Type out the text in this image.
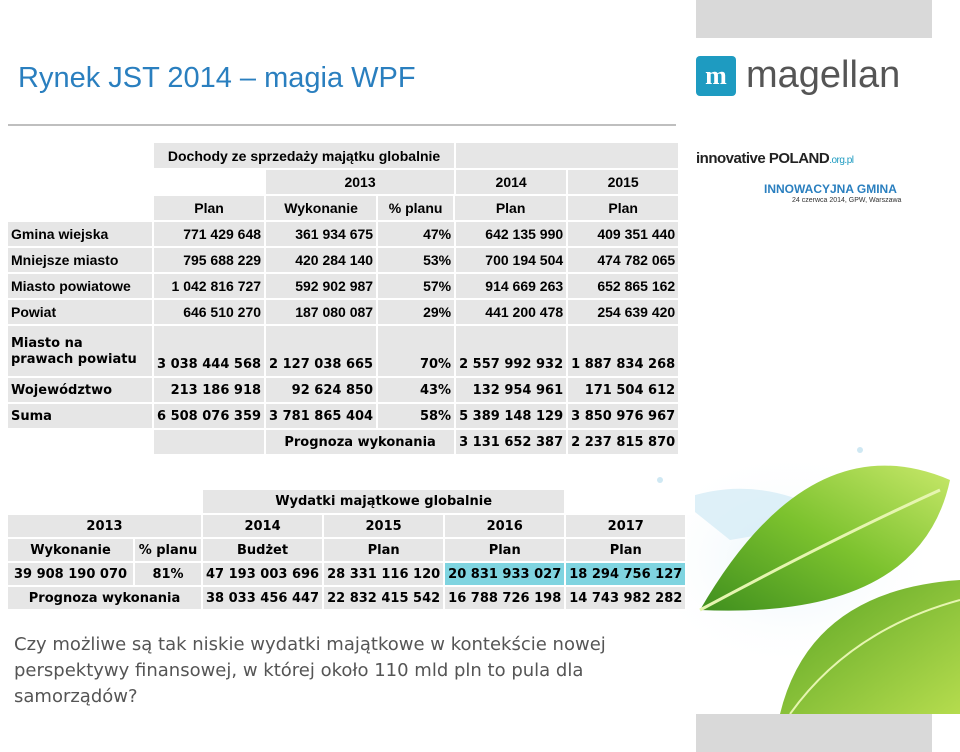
Rynek JST 2014 – magia WPF	m magellan
innovative POLAND.org.pl
INNOWACYJNA GMINA
24 czerwca 2014, GPW, Warszawa
	Dochody ze sprzedaży majątku globalnie				
		2013		2014	2015
	Plan	Wykonanie	% planu		Plan	Plan
Gmina wiejska	771 429 648	361 934 675	47%	642 135 990	409 351 440
Mniejsze miasto	795 688 229	420 284 140	53%	700 194 504	474 782 065
Miasto powiatowe	1 042 816 727	592 902 987	57%	914 669 263	652 865 162
Powiat	646 510 270	187 080 087	29%	441 200 478	254 639 420
Miasto na prawach powiatu	3 038 444 568	2 127 038 665	70%	2 557 992 932	1 887 834 268
Województwo	213 186 918	92 624 850	43%	132 954 961	171 504 612
Suma	6 508 076 359	3 781 865 404	58%	5 389 148 129	3 850 976 967
		Prognoza wykonania		3 131 652 387	2 237 815 870
		Wydatki majątkowe globalnie				
2013		2014	2015	2016	2017	
Wykonanie	% planu	Budżet	Plan	Plan	Plan	
39 908 190 070	81%	47 193 003 696	28 331 116 120	20 831 933 027	18 294 756 127	
Prognoza wykonania		38 033 456 447	22 832 415 542	16 788 726 198	14 743 982 282	
Czy możliwe są tak niskie wydatki majątkowe w kontekście nowej perspektywy finansowej, w której około 110 mld pln to pula dla samorządów?
